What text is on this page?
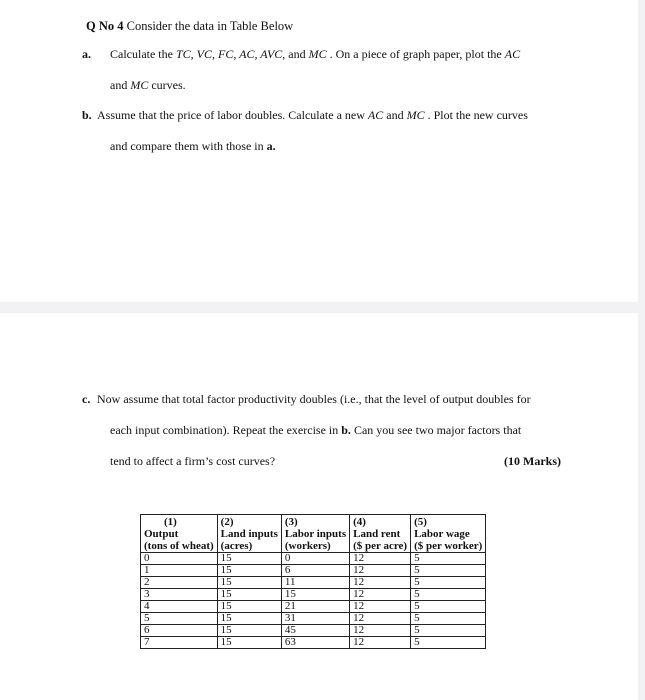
Q No 4 Consider the data in Table Below
a. Calculate the TC, VC, FC, AC, AVC, and MC . On a piece of graph paper, plot the AC
and MC curves.
b. Assume that the price of labor doubles. Calculate a new AC and MC . Plot the new curves
and compare them with those in a.
c. Now assume that total factor productivity doubles (i.e., that the level of output doubles for
each input combination). Repeat the exercise in b. Can you see two major factors that
tend to affect a firm’s cost curves?	(10 Marks)
(1)
Output
(tons of wheat)	(2)
Land inputs
(acres)	(3)
Labor inputs
(workers)	(4)
Land rent
($ per acre)	(5)
Labor wage
($ per worker)
0	15	0	12	5
1	15	6	12	5
2	15	11	12	5
3	15	15	12	5
4	15	21	12	5
5	15	31	12	5
6	15	45	12	5
7	15	63	12	5
